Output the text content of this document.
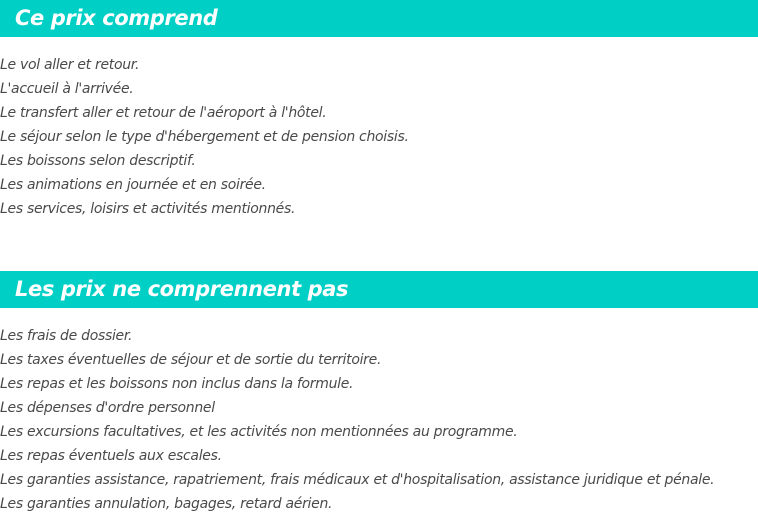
Ce prix comprend
Le vol aller et retour.
L'accueil à l'arrivée.
Le transfert aller et retour de l'aéroport à l'hôtel.
Le séjour selon le type d'hébergement et de pension choisis.
Les boissons selon descriptif.
Les animations en journée et en soirée.
Les services, loisirs et activités mentionnés.
Les prix ne comprennent pas
Les frais de dossier.
Les taxes éventuelles de séjour et de sortie du territoire.
Les repas et les boissons non inclus dans la formule.
Les dépenses d'ordre personnel
Les excursions facultatives, et les activités non mentionnées au programme.
Les repas éventuels aux escales.
Les garanties assistance, rapatriement, frais médicaux et d'hospitalisation, assistance juridique et pénale.
Les garanties annulation, bagages, retard aérien.
